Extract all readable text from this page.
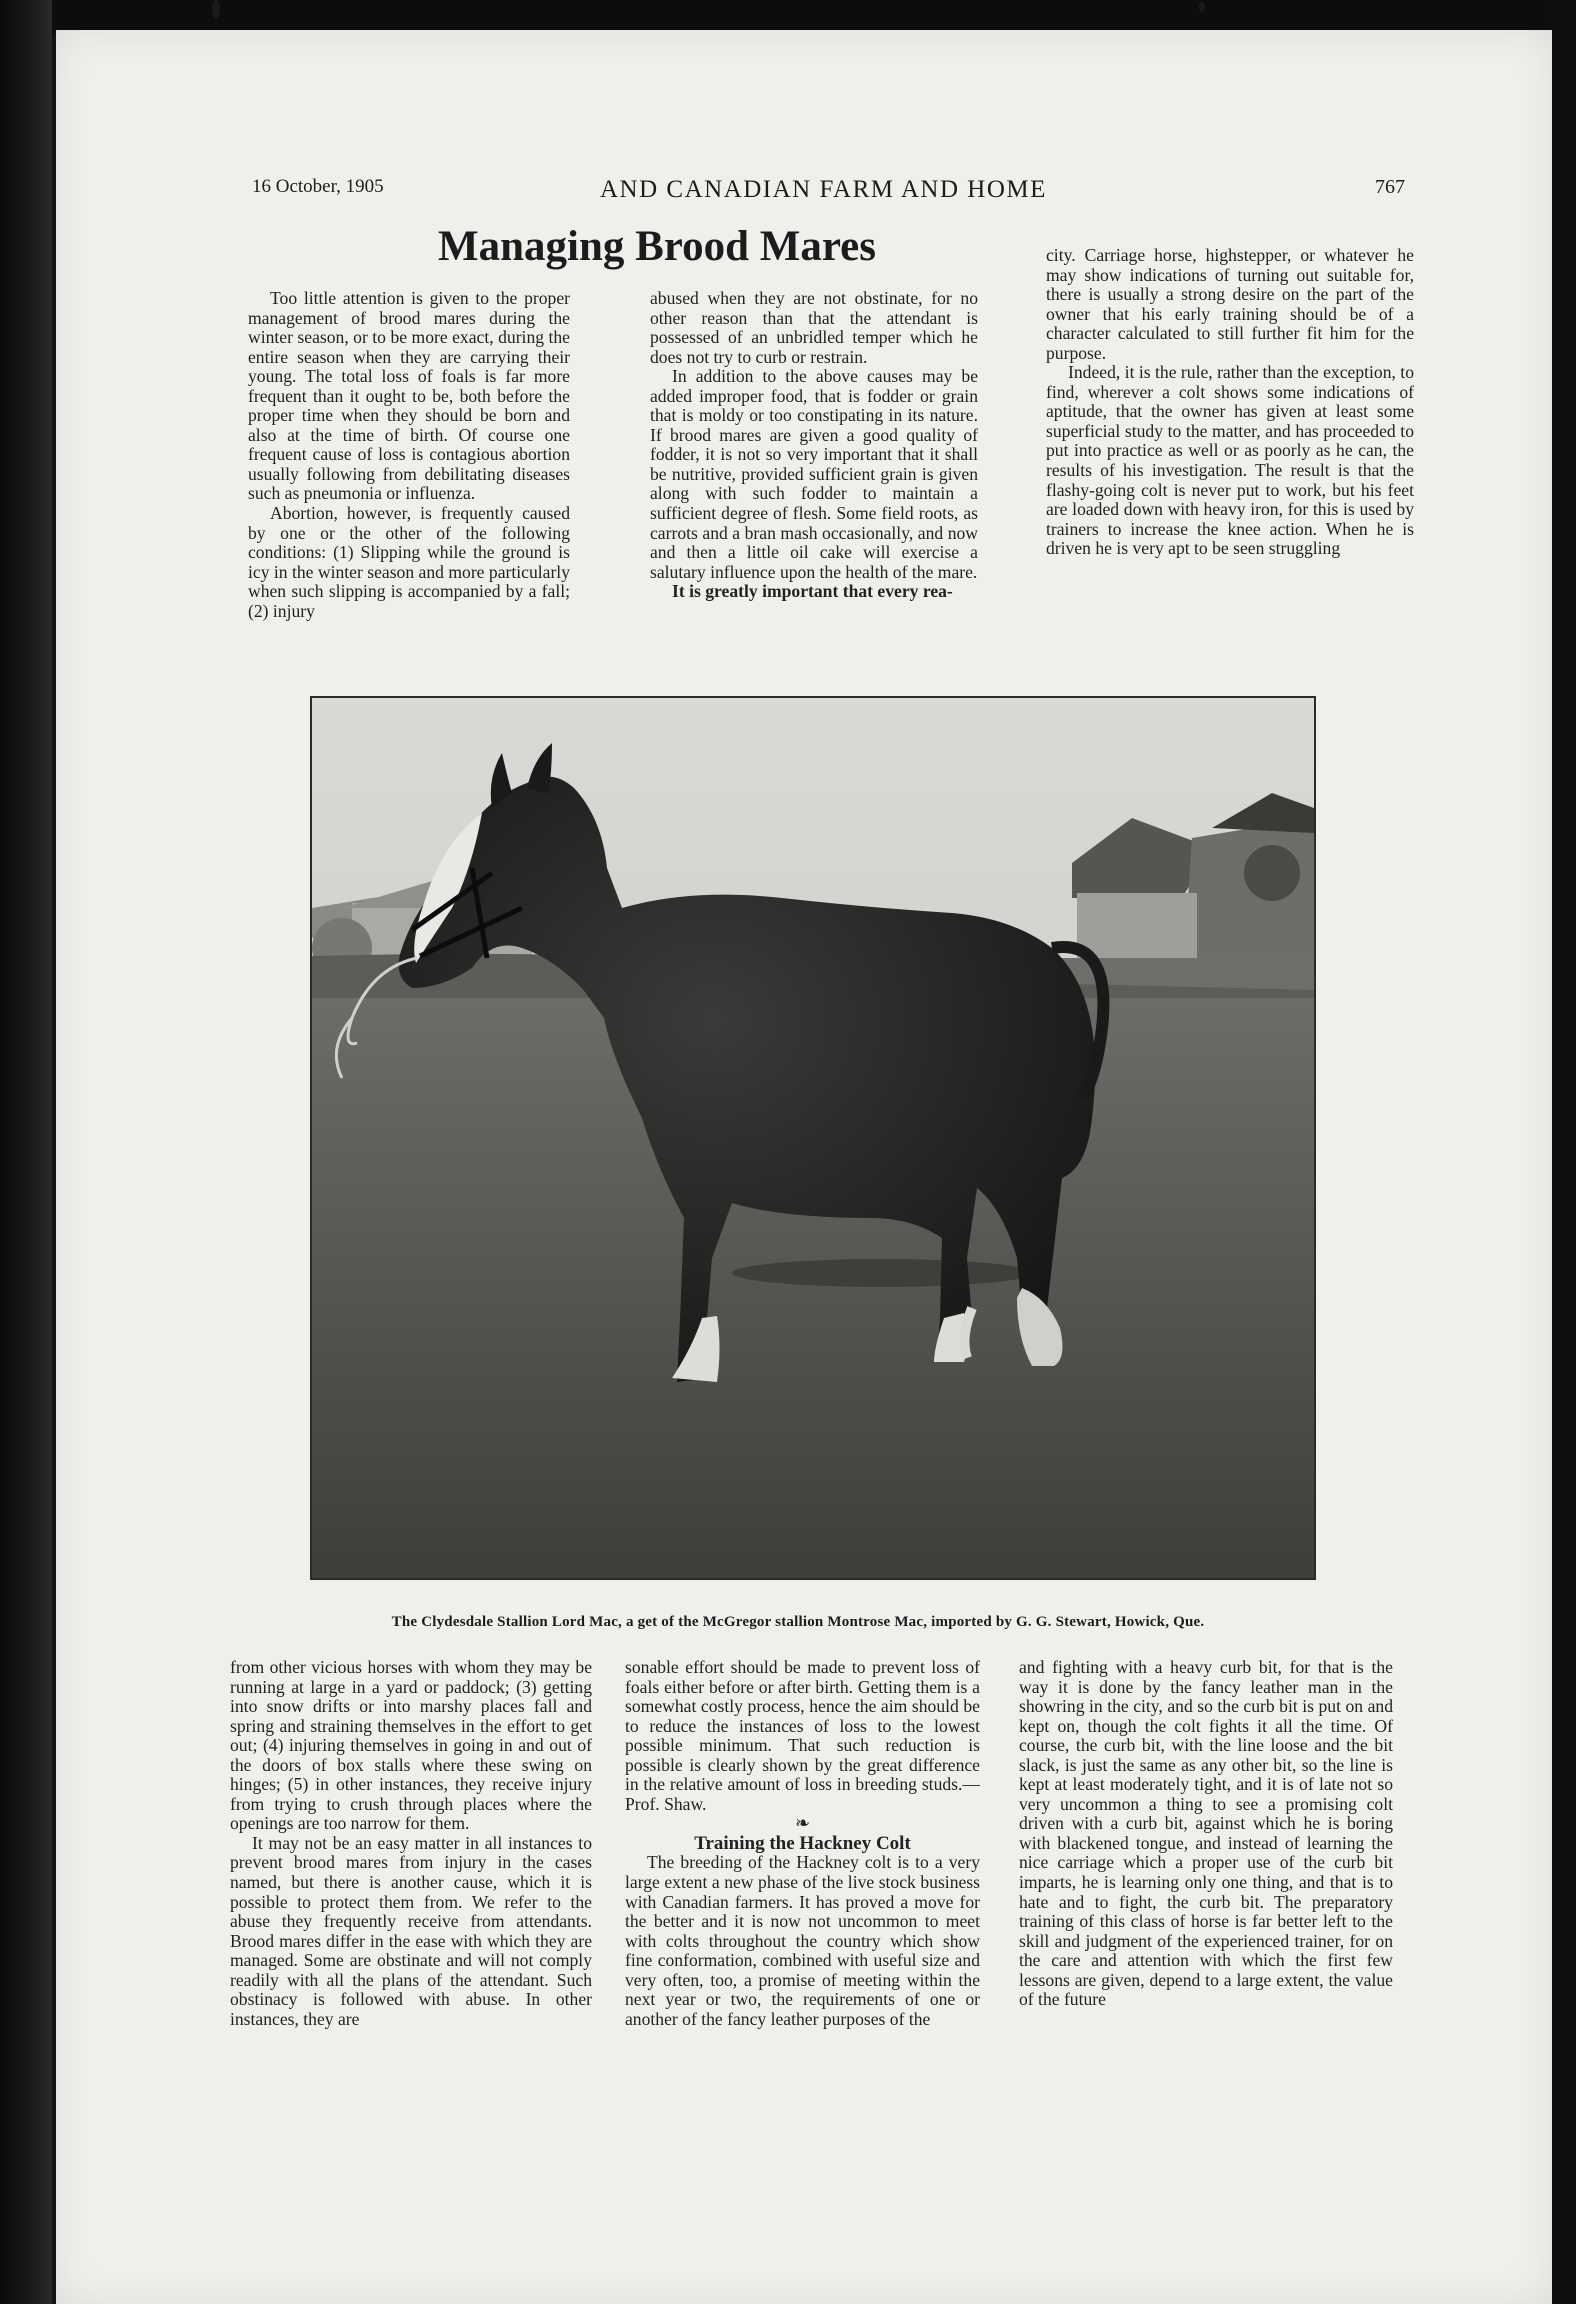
16 October, 1905	AND CANADIAN FARM AND HOME	767
Managing Brood Mares

Too little attention is given to the proper management of brood mares during the winter season, or to be more exact, during the entire season when they are carrying their young. The total loss of foals is far more frequent than it ought to be, both before the proper time when they should be born and also at the time of birth. Of course one frequent cause of loss is contagious abortion usually following from debilitating diseases such as pneumonia or influenza.

Abortion, however, is frequently caused by one or the other of the following conditions: (1) Slipping while the ground is icy in the winter season and more particularly when such slipping is accompanied by a fall; (2) injury

abused when they are not obstinate, for no other reason than that the attendant is possessed of an unbridled temper which he does not try to curb or restrain.

In addition to the above causes may be added improper food, that is fodder or grain that is moldy or too constipating in its nature. If brood mares are given a good quality of fodder, it is not so very important that it shall be nutritive, provided sufficient grain is given along with such fodder to maintain a sufficient degree of flesh. Some field roots, as carrots and a bran mash occasionally, and now and then a little oil cake will exercise a salutary influence upon the health of the mare.

It is greatly important that every rea-

city. Carriage horse, highstepper, or whatever he may show indications of turning out suitable for, there is usually a strong desire on the part of the owner that his early training should be of a character calculated to still further fit him for the purpose.

Indeed, it is the rule, rather than the exception, to find, wherever a colt shows some indications of aptitude, that the owner has given at least some superficial study to the matter, and has proceeded to put into practice as well or as poorly as he can, the results of his investigation. The result is that the flashy-going colt is never put to work, but his feet are loaded down with heavy iron, for this is used by trainers to increase the knee action. When he is driven he is very apt to be seen struggling

The Clydesdale Stallion Lord Mac, a get of the McGregor stallion Montrose Mac, imported by G. G. Stewart, Howick, Que.

from other vicious horses with whom they may be running at large in a yard or paddock; (3) getting into snow drifts or into marshy places fall and spring and straining themselves in the effort to get out; (4) injuring themselves in going in and out of the doors of box stalls where these swing on hinges; (5) in other instances, they receive injury from trying to crush through places where the openings are too narrow for them.

It may not be an easy matter in all instances to prevent brood mares from injury in the cases named, but there is another cause, which it is possible to protect them from. We refer to the abuse they frequently receive from attendants. Brood mares differ in the ease with which they are managed. Some are obstinate and will not comply readily with all the plans of the attendant. Such obstinacy is followed with abuse. In other instances, they are

sonable effort should be made to prevent loss of foals either before or after birth. Getting them is a somewhat costly process, hence the aim should be to reduce the instances of loss to the lowest possible minimum. That such reduction is possible is clearly shown by the great difference in the relative amount of loss in breeding studs.—Prof. Shaw.

❧

Training the Hackney Colt

The breeding of the Hackney colt is to a very large extent a new phase of the live stock business with Canadian farmers. It has proved a move for the better and it is now not uncommon to meet with colts throughout the country which show fine conformation, combined with useful size and very often, too, a promise of meeting within the next year or two, the requirements of one or another of the fancy leather purposes of the

and fighting with a heavy curb bit, for that is the way it is done by the fancy leather man in the showring in the city, and so the curb bit is put on and kept on, though the colt fights it all the time. Of course, the curb bit, with the line loose and the bit slack, is just the same as any other bit, so the line is kept at least moderately tight, and it is of late not so very uncommon a thing to see a promising colt driven with a curb bit, against which he is boring with blackened tongue, and instead of learning the nice carriage which a proper use of the curb bit imparts, he is learning only one thing, and that is to hate and to fight, the curb bit. The preparatory training of this class of horse is far better left to the skill and judgment of the experienced trainer, for on the care and attention with which the first few lessons are given, depend to a large extent, the value of the future
